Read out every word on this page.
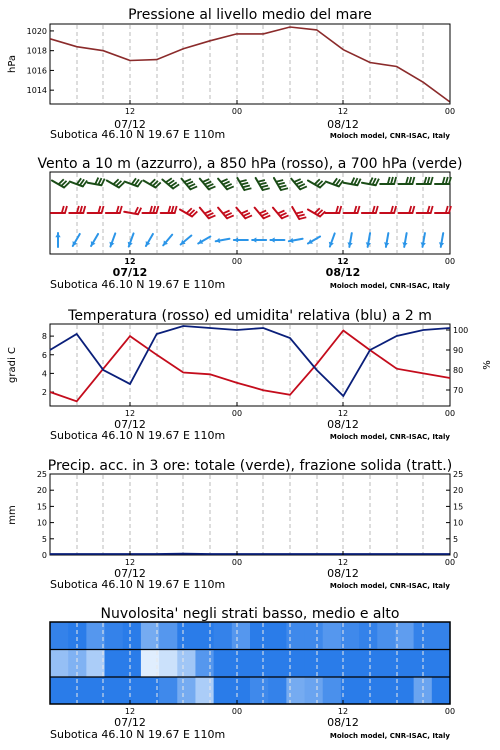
Pressione al livello medio del mare
hPa
1014
1016
1018
1020
12	00	12	00
07/12	08/12
Subotica 46.10 N 19.67 E 110m	Moloch model, CNR-ISAC, Italy
Vento a 10 m (azzurro), a 850 hPa (rosso), a 700 hPa (verde)
12	00	12	00
07/12	08/12
Subotica 46.10 N 19.67 E 110m	Moloch model, CNR-ISAC, Italy
Temperatura (rosso) ed umidita' relativa (blu) a 2 m
gradi C	%
2
4
6
8
70
80
90
100
12	00	12	00
07/12	08/12
Subotica 46.10 N 19.67 E 110m	Moloch model, CNR-ISAC, Italy
Precip. acc. in 3 ore: totale (verde), frazione solida (tratt.)
mm
0
5
10
15
20
25
0
5
10
15
20
25
12	00	12	00
07/12	08/12
Subotica 46.10 N 19.67 E 110m	Moloch model, CNR-ISAC, Italy
Nuvolosita' negli strati basso, medio e alto
12	00	12	00
07/12	08/12
Subotica 46.10 N 19.67 E 110m	Moloch model, CNR-ISAC, Italy
